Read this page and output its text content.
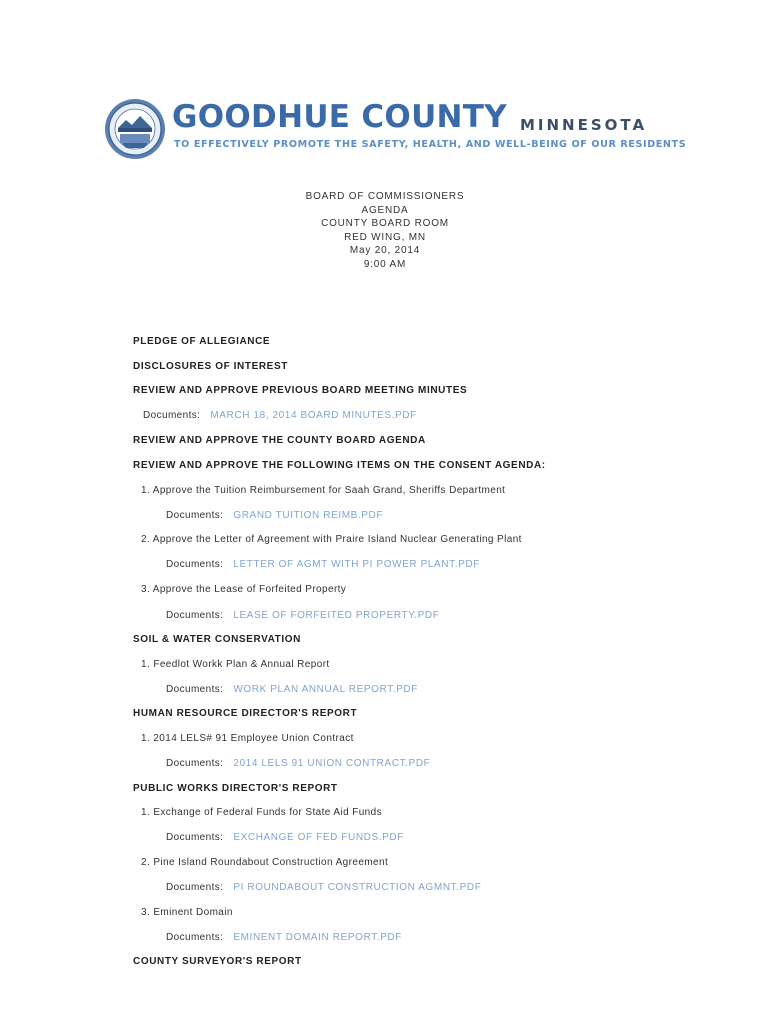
GOODHUE COUNTY MINNESOTA
TO EFFECTIVELY PROMOTE THE SAFETY, HEALTH, AND WELL-BEING OF OUR RESIDENTS
BOARD OF COMMISSIONERS
AGENDA
COUNTY BOARD ROOM
RED WING, MN
May 20, 2014
9:00 AM
PLEDGE OF ALLEGIANCE
DISCLOSURES OF INTEREST
REVIEW AND APPROVE PREVIOUS BOARD MEETING MINUTES
Documents: MARCH 18, 2014 BOARD MINUTES.PDF
REVIEW AND APPROVE THE COUNTY BOARD AGENDA
REVIEW AND APPROVE THE FOLLOWING ITEMS ON THE CONSENT AGENDA:
1. Approve the Tuition Reimbursement for Saah Grand, Sheriffs Department
Documents: GRAND TUITION REIMB.PDF
2. Approve the Letter of Agreement with Praire Island Nuclear Generating Plant
Documents: LETTER OF AGMT WITH PI POWER PLANT.PDF
3. Approve the Lease of Forfeited Property
Documents: LEASE OF FORFEITED PROPERTY.PDF
SOIL & WATER CONSERVATION
1. Feedlot Workk Plan & Annual Report
Documents: WORK PLAN ANNUAL REPORT.PDF
HUMAN RESOURCE DIRECTOR'S REPORT
1. 2014 LELS# 91 Employee Union Contract
Documents: 2014 LELS 91 UNION CONTRACT.PDF
PUBLIC WORKS DIRECTOR'S REPORT
1. Exchange of Federal Funds for State Aid Funds
Documents: EXCHANGE OF FED FUNDS.PDF
2. Pine Island Roundabout Construction Agreement
Documents: PI ROUNDABOUT CONSTRUCTION AGMNT.PDF
3. Eminent Domain
Documents: EMINENT DOMAIN REPORT.PDF
COUNTY SURVEYOR'S REPORT
